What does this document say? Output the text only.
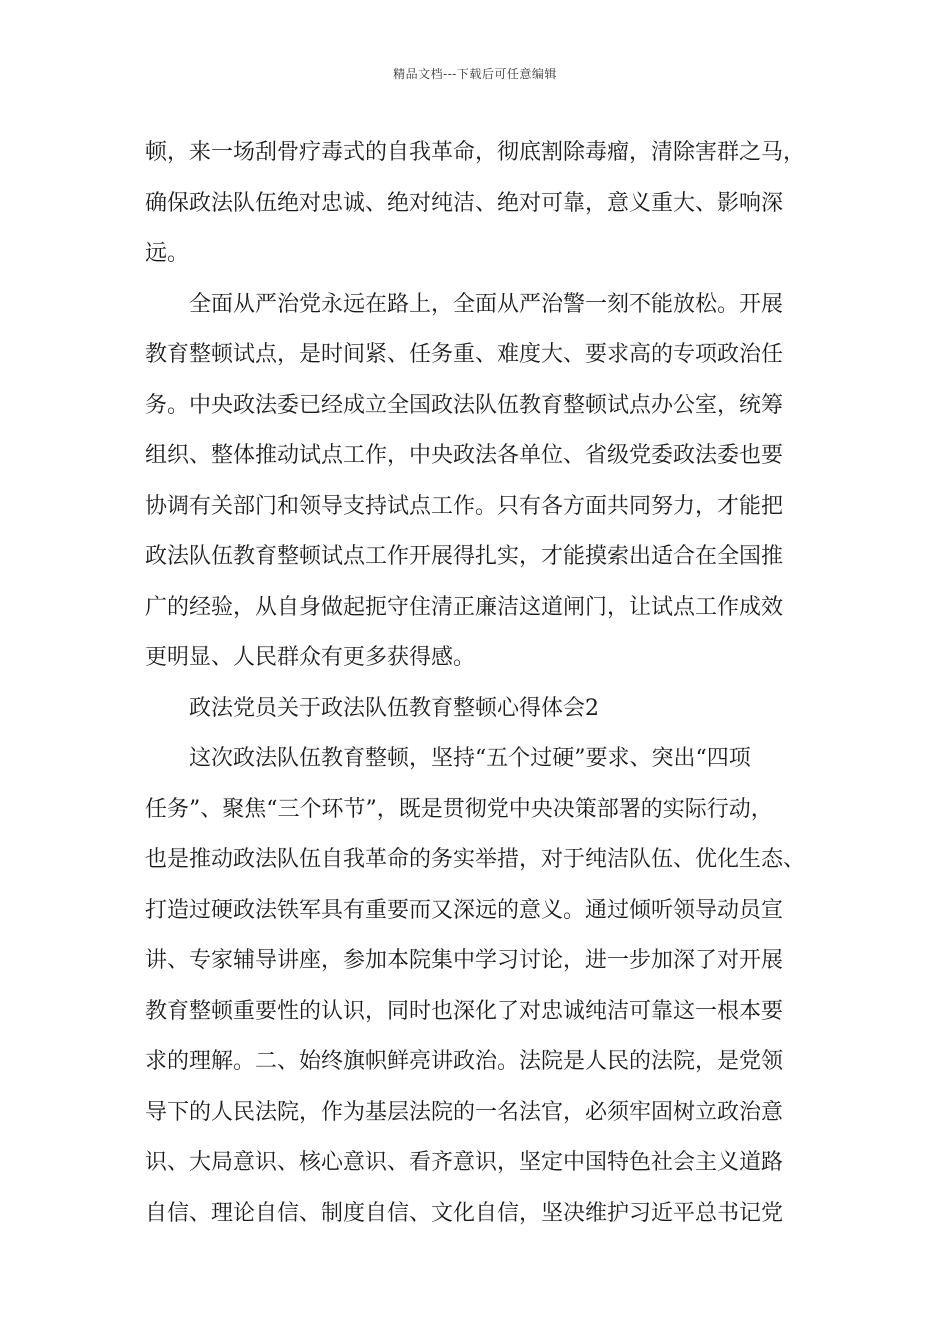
精品文档---下载后可任意编辑
顿，来一场刮骨疗毒式的自我革命，彻底割除毒瘤，清除害群之马，
确保政法队伍绝对忠诚、绝对纯洁、绝对可靠，意义重大、影响深
远。
全面从严治党永远在路上，全面从严治警一刻不能放松。开展
教育整顿试点，是时间紧、任务重、难度大、要求高的专项政治任
务。中央政法委已经成立全国政法队伍教育整顿试点办公室，统筹
组织、整体推动试点工作，中央政法各单位、省级党委政法委也要
协调有关部门和领导支持试点工作。只有各方面共同努力，才能把
政法队伍教育整顿试点工作开展得扎实，才能摸索出适合在全国推
广的经验，从自身做起扼守住清正廉洁这道闸门，让试点工作成效
更明显、人民群众有更多获得感。
政法党员关于政法队伍教育整顿心得体会2
这次政法队伍教育整顿，坚持“五个过硬”要求、突出“四项
任务”、聚焦“三个环节”，既是贯彻党中央决策部署的实际行动，
也是推动政法队伍自我革命的务实举措，对于纯洁队伍、优化生态、
打造过硬政法铁军具有重要而又深远的意义。通过倾听领导动员宣
讲、专家辅导讲座，参加本院集中学习讨论，进一步加深了对开展
教育整顿重要性的认识，同时也深化了对忠诚纯洁可靠这一根本要
求的理解。二、始终旗帜鲜亮讲政治。法院是人民的法院，是党领
导下的人民法院，作为基层法院的一名法官，必须牢固树立政治意
识、大局意识、核心意识、看齐意识，坚定中国特色社会主义道路
自信、理论自信、制度自信、文化自信，坚决维护习近平总书记党
